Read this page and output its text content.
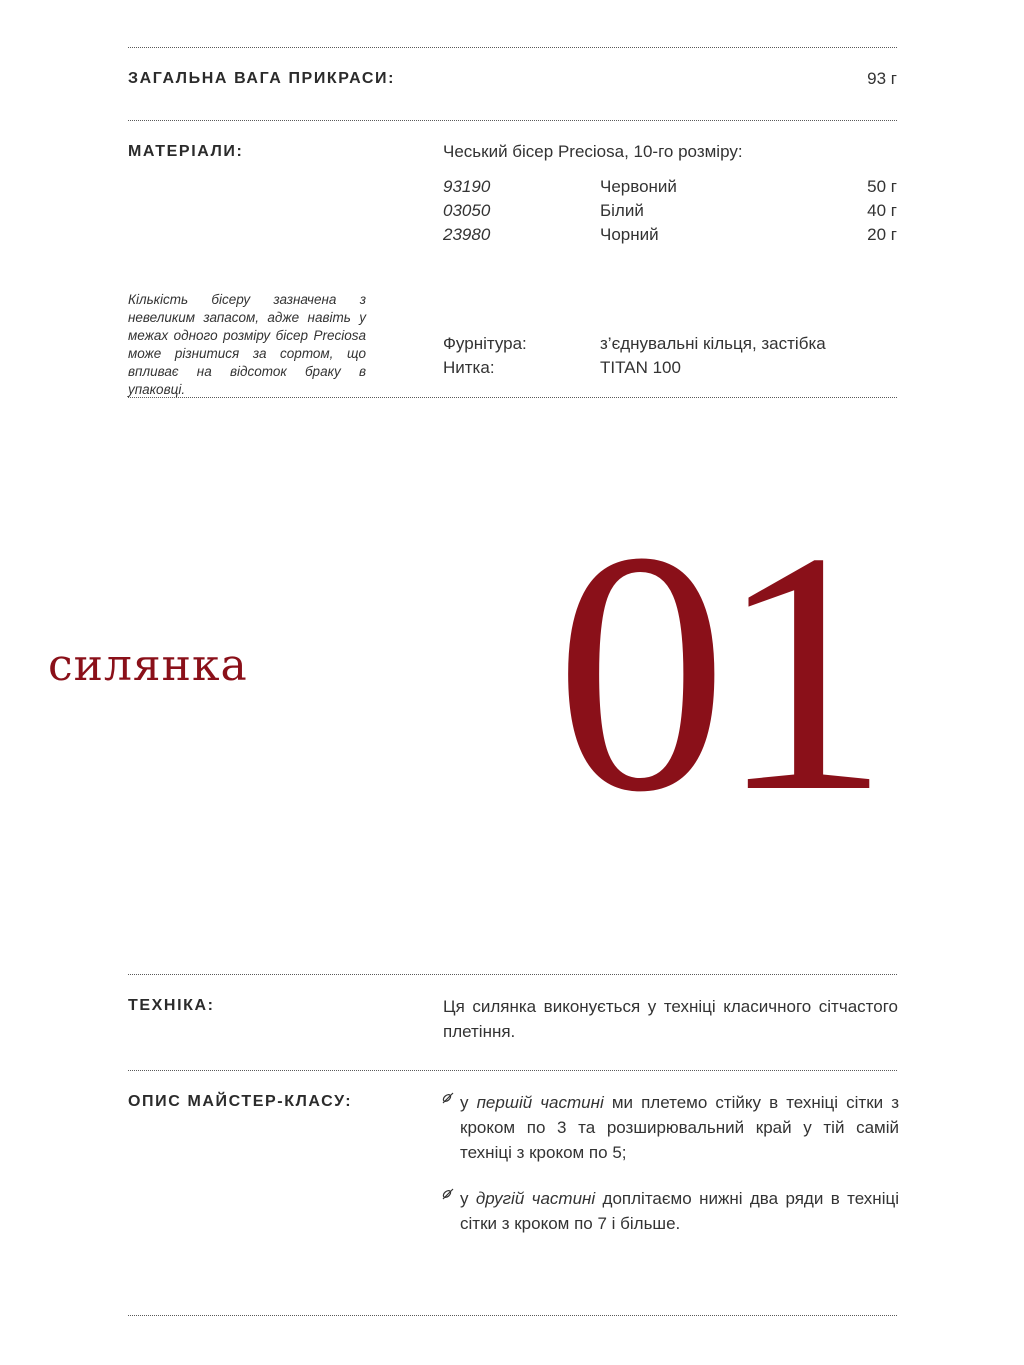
ЗАГАЛЬНА ВАГА ПРИКРАСИ:	93 г
МАТЕРІАЛИ:	Чеський бісер Preciosa, 10-го розміру:
93190	Червоний	50 г
03050	Білий	40 г
23980	Чорний	20 г
Кількість бісеру зазначена з невеликим запасом, адже навіть у межах одного розміру бісер Preciosa може різнитися за сортом, що впливає на відсоток браку в упаковці.
Фурнітура:	з’єднувальні кільця, застібка
Нитка:	TITAN 100
силянка 01
ТЕХНІКА:	Ця силянка виконується у техніці класичного сітчастого плетіння.
ОПИС МАЙСТЕР-КЛАСУ:	у першій частині ми плетемо стійку в техніці сітки з кроком по 3 та розширювальний край у тій самій техніці з кроком по 5;
у другій частині доплітаємо нижні два ряди в техніці сітки з кроком по 7 і більше.
